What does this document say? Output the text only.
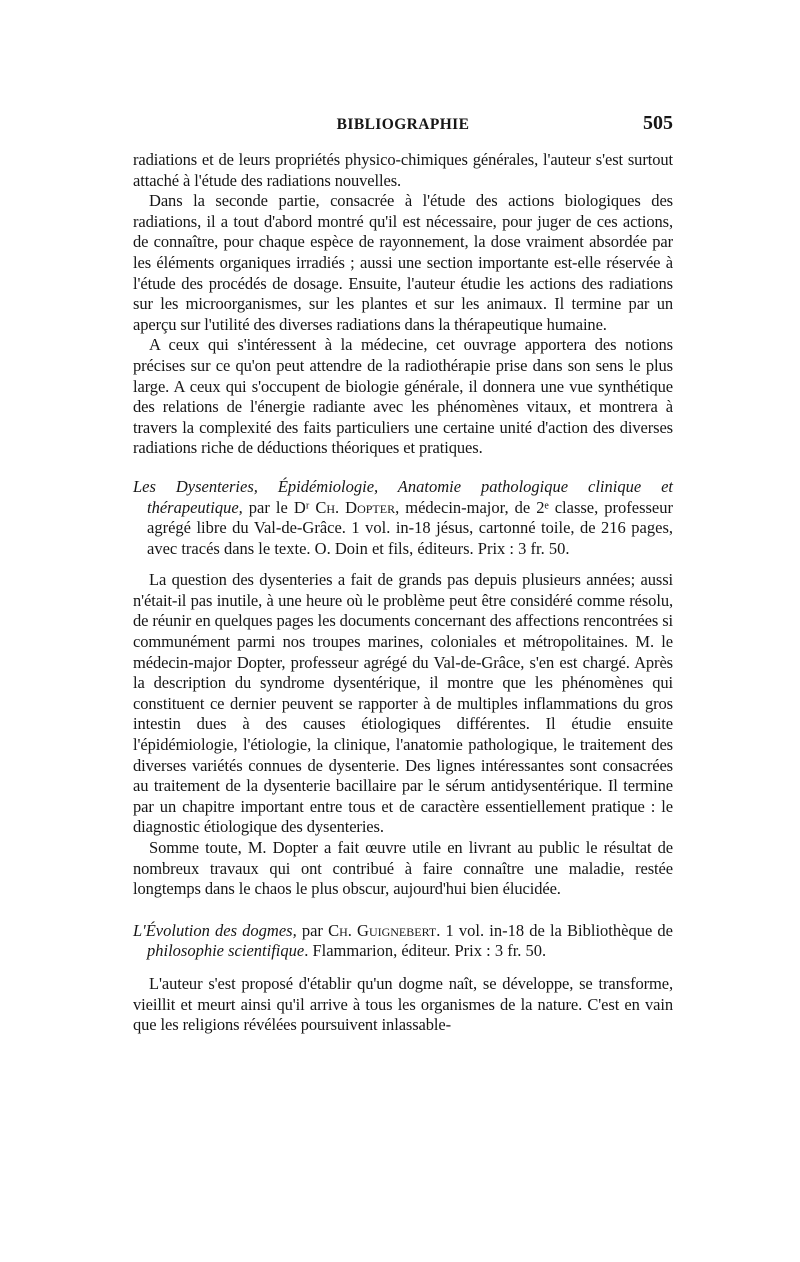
BIBLIOGRAPHIE	505

radiations et de leurs propriétés physico-chimiques générales, l'auteur s'est surtout attaché à l'étude des radiations nouvelles.

Dans la seconde partie, consacrée à l'étude des actions biologiques des radiations, il a tout d'abord montré qu'il est nécessaire, pour juger de ces actions, de connaître, pour chaque espèce de rayonnement, la dose vraiment absordée par les éléments organiques irradiés ; aussi une section importante est-elle réservée à l'étude des procédés de dosage. Ensuite, l'auteur étudie les actions des radiations sur les microorganismes, sur les plantes et sur les animaux. Il termine par un aperçu sur l'utilité des diverses radiations dans la thérapeutique humaine.

A ceux qui s'intéressent à la médecine, cet ouvrage apportera des notions précises sur ce qu'on peut attendre de la radiothérapie prise dans son sens le plus large. A ceux qui s'occupent de biologie générale, il donnera une vue synthétique des relations de l'énergie radiante avec les phénomènes vitaux, et montrera à travers la complexité des faits particuliers une certaine unité d'action des diverses radiations riche de déductions théoriques et pratiques.

Les Dysenteries, Épidémiologie, Anatomie pathologique clinique et thérapeutique, par le Dʳ Ch. Dopter, médecin-major, de 2ᵉ classe, professeur agrégé libre du Val-de-Grâce. 1 vol. in-18 jésus, cartonné toile, de 216 pages, avec tracés dans le texte. O. Doin et fils, éditeurs. Prix : 3 fr. 50.

La question des dysenteries a fait de grands pas depuis plusieurs années; aussi n'était-il pas inutile, à une heure où le problème peut être considéré comme résolu, de réunir en quelques pages les documents concernant des affections rencontrées si communément parmi nos troupes marines, coloniales et métropolitaines. M. le médecin-major Dopter, professeur agrégé du Val-de-Grâce, s'en est chargé. Après la description du syndrome dysentérique, il montre que les phénomènes qui constituent ce dernier peuvent se rapporter à de multiples inflammations du gros intestin dues à des causes étiologiques différentes. Il étudie ensuite l'épidémiologie, l'étiologie, la clinique, l'anatomie pathologique, le traitement des diverses variétés connues de dysenterie. Des lignes intéressantes sont consacrées au traitement de la dysenterie bacillaire par le sérum antidysentérique. Il termine par un chapitre important entre tous et de caractère essentiellement pratique : le diagnostic étiologique des dysenteries.

Somme toute, M. Dopter a fait œuvre utile en livrant au public le résultat de nombreux travaux qui ont contribué à faire connaître une maladie, restée longtemps dans le chaos le plus obscur, aujourd'hui bien élucidée.

L'Évolution des dogmes, par Ch. Guignebert. 1 vol. in-18 de la Bibliothèque de philosophie scientifique. Flammarion, éditeur. Prix : 3 fr. 50.

L'auteur s'est proposé d'établir qu'un dogme naît, se développe, se transforme, vieillit et meurt ainsi qu'il arrive à tous les organismes de la nature. C'est en vain que les religions révélées poursuivent inlassable-
